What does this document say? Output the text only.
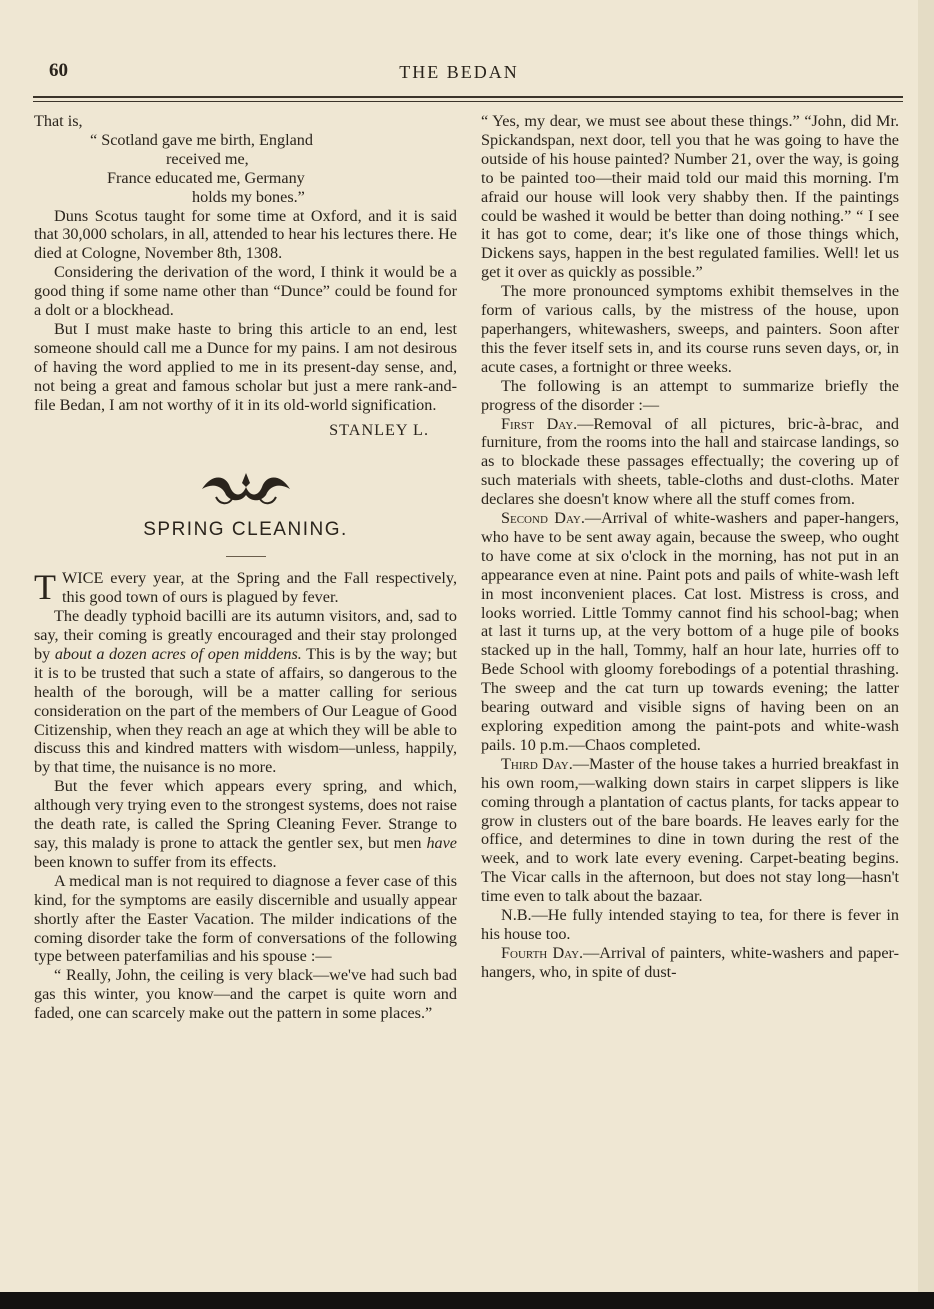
60	THE BEDAN

That is,

“ Scotland gave me birth, England

received me,

France educated me, Germany

holds my bones.”

Duns Scotus taught for some time at Oxford, and it is said that 30,000 scholars, in all, attended to hear his lectures there. He died at Cologne, November 8th, 1308.

Considering the derivation of the word, I think it would be a good thing if some name other than “Dunce” could be found for a dolt or a blockhead.

But I must make haste to bring this article to an end, lest someone should call me a Dunce for my pains. I am not desirous of having the word applied to me in its present-day sense, and, not being a great and famous scholar but just a mere rank-and-file Bedan, I am not worthy of it in its old-world signification.

STANLEY L.

SPRING CLEANING.

TWICE every year, at the Spring and the Fall respectively, this good town of ours is plagued by fever.

The deadly typhoid bacilli are its autumn visitors, and, sad to say, their coming is greatly encouraged and their stay prolonged by about a dozen acres of open middens. This is by the way; but it is to be trusted that such a state of affairs, so dangerous to the health of the borough, will be a matter calling for serious consideration on the part of the members of Our League of Good Citizenship, when they reach an age at which they will be able to discuss this and kindred matters with wisdom—unless, happily, by that time, the nuisance is no more.

But the fever which appears every spring, and which, although very trying even to the strongest systems, does not raise the death rate, is called the Spring Cleaning Fever. Strange to say, this malady is prone to attack the gentler sex, but men have been known to suffer from its effects.

A medical man is not required to diagnose a fever case of this kind, for the symptoms are easily discernible and usually appear shortly after the Easter Vacation. The milder indications of the coming disorder take the form of conversations of the following type between paterfamilias and his spouse :—

“ Really, John, the ceiling is very black—we've had such bad gas this winter, you know—and the carpet is quite worn and faded, one can scarcely make out the pattern in some places.”

“ Yes, my dear, we must see about these things.” “John, did Mr. Spickandspan, next door, tell you that he was going to have the outside of his house painted? Number 21, over the way, is going to be painted too—their maid told our maid this morning. I'm afraid our house will look very shabby then. If the paintings could be washed it would be better than doing nothing.” “ I see it has got to come, dear; it's like one of those things which, Dickens says, happen in the best regulated families. Well! let us get it over as quickly as possible.”

The more pronounced symptoms exhibit themselves in the form of various calls, by the mistress of the house, upon paperhangers, whitewashers, sweeps, and painters. Soon after this the fever itself sets in, and its course runs seven days, or, in acute cases, a fortnight or three weeks.

The following is an attempt to summarize briefly the progress of the disorder :—

First Day.—Removal of all pictures, bric-à-brac, and furniture, from the rooms into the hall and staircase landings, so as to blockade these passages effectually; the covering up of such materials with sheets, table-cloths and dust-cloths. Mater declares she doesn't know where all the stuff comes from.

Second Day.—Arrival of white-washers and paper-hangers, who have to be sent away again, because the sweep, who ought to have come at six o'clock in the morning, has not put in an appearance even at nine. Paint pots and pails of white-wash left in most inconvenient places. Cat lost. Mistress is cross, and looks worried. Little Tommy cannot find his school-bag; when at last it turns up, at the very bottom of a huge pile of books stacked up in the hall, Tommy, half an hour late, hurries off to Bede School with gloomy forebodings of a potential thrashing. The sweep and the cat turn up towards evening; the latter bearing outward and visible signs of having been on an exploring expedition among the paint-pots and white-wash pails. 10 p.m.—Chaos completed.

Third Day.—Master of the house takes a hurried breakfast in his own room,—walking down stairs in carpet slippers is like coming through a plantation of cactus plants, for tacks appear to grow in clusters out of the bare boards. He leaves early for the office, and determines to dine in town during the rest of the week, and to work late every evening. Carpet-beating begins. The Vicar calls in the afternoon, but does not stay long—hasn't time even to talk about the bazaar.

N.B.—He fully intended staying to tea, for there is fever in his house too.

Fourth Day.—Arrival of painters, white-washers and paper-hangers, who, in spite of dust-
